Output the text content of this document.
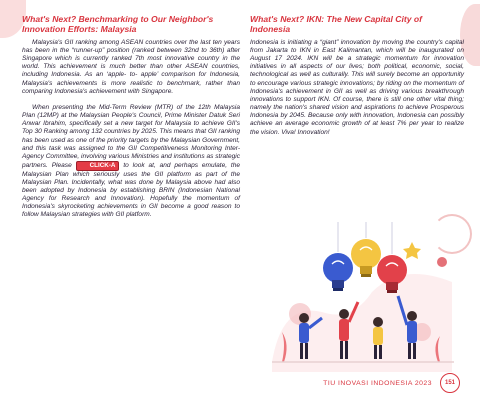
What's Next? Benchmarking to Our Neighbor's Innovation Efforts: Malaysia

Malaysia's GII ranking among ASEAN countries over the last ten years has been in the “runner-up” position (ranked between 32nd to 36th) after Singapore which is currently ranked 7th most innovative country in the world. This achievement is much better than other ASEAN countries, including Indonesia. As an ‘apple- to- apple’ comparison for Indonesia, Malaysia's achievements is more realistic to benchmark, rather than comparing Indonesia's achievement with Singapore.

When presenting the Mid-Term Review (MTR) of the 12th Malaysia Plan (12MP) at the Malaysian People's Council, Prime Minister Datuk Seri Anwar Ibrahim, specifically set a new target for Malaysia to achieve GII's Top 30 Ranking among 132 countries by 2025. This means that GII ranking has been used as one of the priority targets by the Malaysian Government, and this task was assigned to the GII Competitiveness Monitoring Inter-Agency Committee, involving various Ministries and institutions as strategic partners. Please	CLICK-A to look at, and perhaps emulate, the Malaysian Plan which seriously uses the GII platform as part of the Malaysian Plan. Incidentally, what was done by Malaysia above had also been adopted by Indonesia by establishing BRIN (Indonesian National Agency for Research and Innovation). Hopefully the momentum of Indonesia's skyrocketing achievements in GII become a good reason to follow Malaysian strategies with GII platform.

What's Next? IKN: The New Capital City of Indonesia

Indonesia is initiating a “giant” innovation by moving the country's capital from Jakarta to IKN in East Kalimantan, which will be inaugurated on August 17 2024. IKN will be a strategic momentum for innovation initiatives in all aspects of our lives; both political, economic, social, technological as well as culturally. This will surely become an opportunity to encourage various strategic innovations; by riding on the momentum of Indonesia's achievement in GII as well as driving various breakthrough innovations to support IKN. Of course, there is still one other vital thing; namely the nation's shared vision and aspirations to achieve Prosperous Indonesia by 2045. Because only with innovation, Indonesia can possibly achieve an average economic growth of at least 7% per year to realize the vision. Viva! Innovation!

TIU INOVASI INDONESIA 2023	151
